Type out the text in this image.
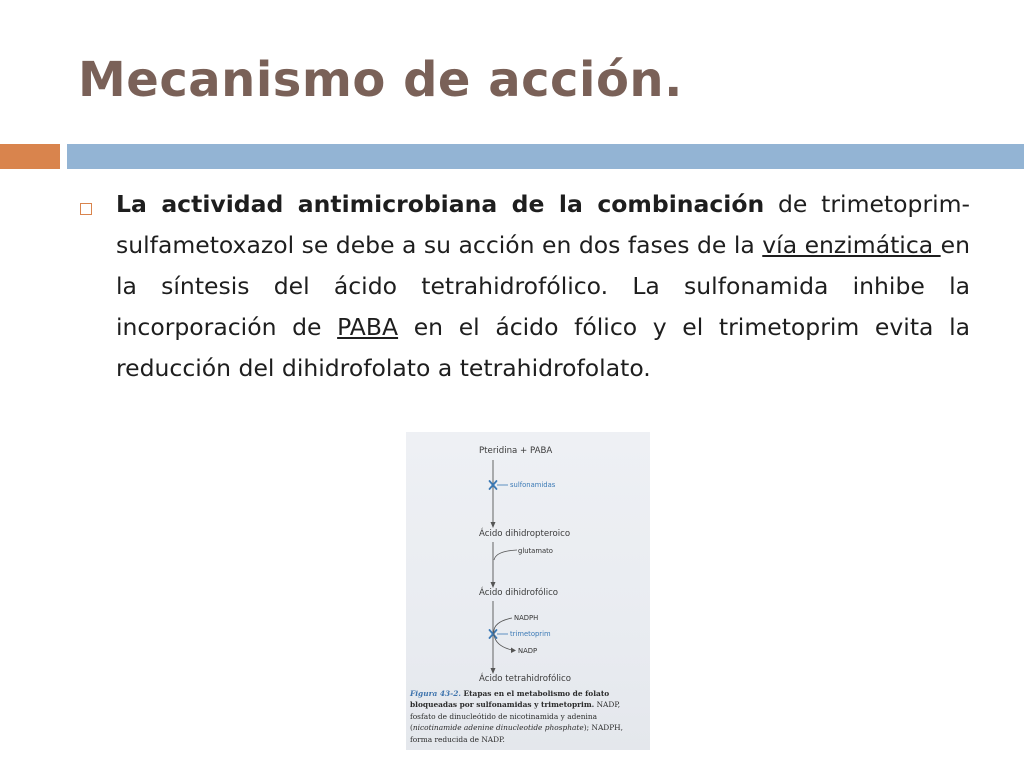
Mecanismo de acción.
La actividad antimicrobiana de la combinación de trimetoprim-sulfametoxazol se debe a su acción en dos fases de la vía enzimática en la síntesis del ácido tetrahidrofólico. La sulfonamida inhibe la incorporación de PABA en el ácido fólico y el trimetoprim evita la reducción del dihidrofolato a tetrahidrofolato.
Pteridina + PABA
Ácido dihidropteroico
Ácido dihidrofólico
Ácido tetrahidrofólico
sulfonamidas
glutamato
NADPH
trimetoprim
NADP
Figura 43-2. Etapas en el metabolismo de folato bloqueadas por sulfonamidas y trimetoprim. NADP, fosfato de dinucleótido de nicotinamida y adenina (nicotinamide adenine dinucleotide phosphate); NADPH, forma reducida de NADP.
